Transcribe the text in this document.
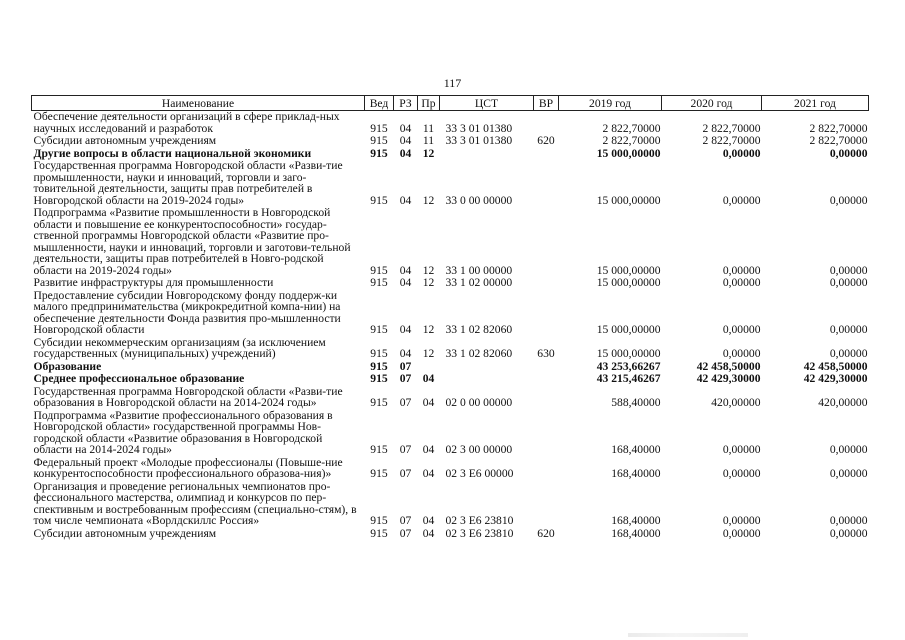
117
Наименование	Вед	РЗ	Пр	ЦСТ	ВР	2019 год	2020 год	2021 год
Обеспечение деятельности организаций в сфере приклад-ных научных исследований и разработок	915	04	11	33 3 01 01380		2 822,70000	2 822,70000	2 822,70000
Субсидии автономным учреждениям	915	04	11	33 3 01 01380	620	2 822,70000	2 822,70000	2 822,70000
Другие вопросы в области национальной экономики	915	04	12			15 000,00000	0,00000	0,00000
Государственная программа Новгородской области «Разви-тие промышленности, науки и инноваций, торговли и заго-товительной деятельности, защиты прав потребителей в Новгородской области на 2019-2024 годы»	915	04	12	33 0 00 00000		15 000,00000	0,00000	0,00000
Подпрограмма «Развитие промышленности в Новгородской области и повышение ее конкурентоспособности» государ-ственной программы Новгородской области «Развитие про-мышленности, науки и инноваций, торговли и заготови-тельной деятельности, защиты прав потребителей в Новго-родской области на 2019-2024 годы»	915	04	12	33 1 00 00000		15 000,00000	0,00000	0,00000
Развитие инфраструктуры для промышленности	915	04	12	33 1 02 00000		15 000,00000	0,00000	0,00000
Предоставление субсидии Новгородскому фонду поддерж-ки малого предпринимательства (микрокредитной компа-нии) на обеспечение деятельности Фонда развития про-мышленности Новгородской области	915	04	12	33 1 02 82060		15 000,00000	0,00000	0,00000
Субсидии некоммерческим организациям (за исключением государственных (муниципальных) учреждений)	915	04	12	33 1 02 82060	630	15 000,00000	0,00000	0,00000
Образование	915	07				43 253,66267	42 458,50000	42 458,50000
Среднее профессиональное образование	915	07	04			43 215,46267	42 429,30000	42 429,30000
Государственная программа Новгородской области «Разви-тие образования в Новгородской области на 2014-2024 годы»	915	07	04	02 0 00 00000		588,40000	420,00000	420,00000
Подпрограмма «Развитие профессионального образования в Новгородской области» государственной программы Нов-городской области «Развитие образования в Новгородской области на 2014-2024 годы»	915	07	04	02 3 00 00000		168,40000	0,00000	0,00000
Федеральный проект «Молодые профессионалы (Повыше-ние конкурентоспособности профессионального образова-ния)»	915	07	04	02 3 E6 00000		168,40000	0,00000	0,00000
Организация и проведение региональных чемпионатов про-фессионального мастерства, олимпиад и конкурсов по пер-спективным и востребованным профессиям (специально-стям), в том числе чемпионата «Ворлдскиллс Россия»	915	07	04	02 3 E6 23810		168,40000	0,00000	0,00000
Субсидии автономным учреждениям	915	07	04	02 3 E6 23810	620	168,40000	0,00000	0,00000
